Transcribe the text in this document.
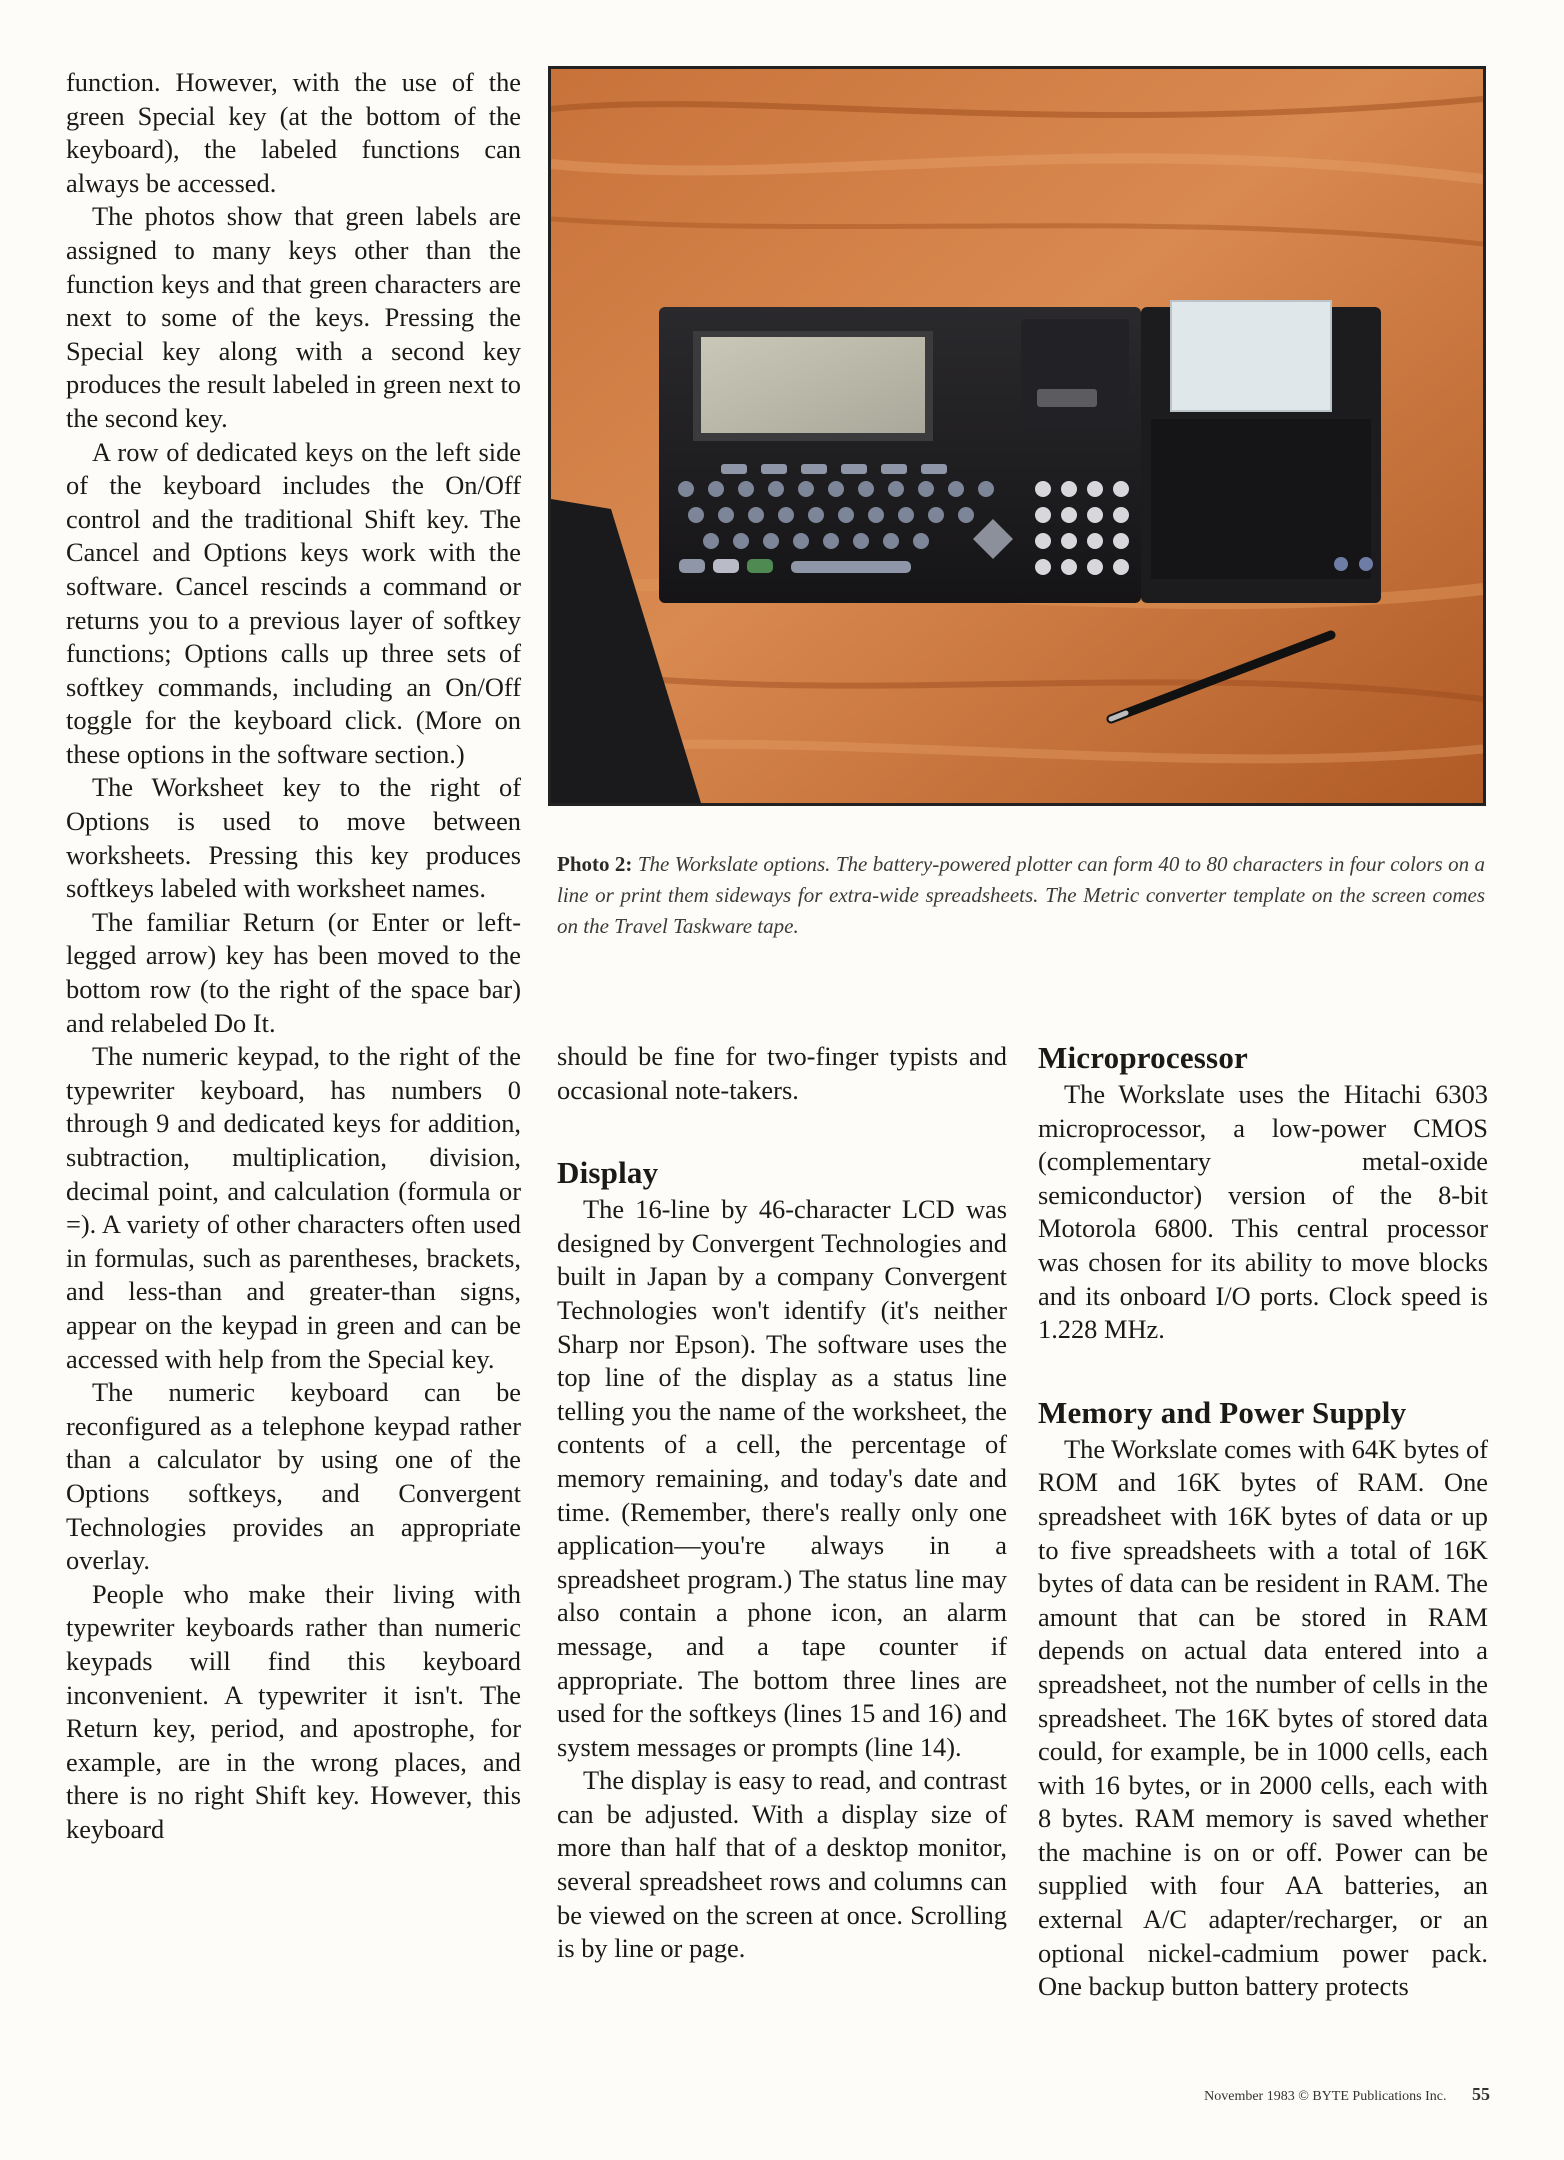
function. However, with the use of the green Special key (at the bottom of the keyboard), the labeled functions can always be accessed.

The photos show that green labels are assigned to many keys other than the function keys and that green characters are next to some of the keys. Pressing the Special key along with a second key produces the result labeled in green next to the second key.

A row of dedicated keys on the left side of the keyboard includes the On/Off control and the traditional Shift key. The Cancel and Options keys work with the software. Cancel rescinds a command or returns you to a previous layer of softkey functions; Options calls up three sets of softkey commands, including an On/Off toggle for the keyboard click. (More on these options in the software section.)

The Worksheet key to the right of Options is used to move between worksheets. Pressing this key produces softkeys labeled with worksheet names.

The familiar Return (or Enter or left-legged arrow) key has been moved to the bottom row (to the right of the space bar) and relabeled Do It.

The numeric keypad, to the right of the typewriter keyboard, has numbers 0 through 9 and dedicated keys for addition, subtraction, multiplication, division, decimal point, and calculation (formula or =). A variety of other characters often used in formulas, such as parentheses, brackets, and less-than and greater-than signs, appear on the keypad in green and can be accessed with help from the Special key.

The numeric keyboard can be reconfigured as a telephone keypad rather than a calculator by using one of the Options softkeys, and Convergent Technologies provides an appropriate overlay.

People who make their living with typewriter keyboards rather than numeric keypads will find this keyboard inconvenient. A typewriter it isn't. The Return key, period, and apostrophe, for example, are in the wrong places, and there is no right Shift key. However, this keyboard

Photo 2: The Workslate options. The battery-powered plotter can form 40 to 80 characters in four colors on a line or print them sideways for extra-wide spreadsheets. The Metric converter template on the screen comes on the Travel Taskware tape.

should be fine for two-finger typists and occasional note-takers.

Display

The 16-line by 46-character LCD was designed by Convergent Technologies and built in Japan by a company Convergent Technologies won't identify (it's neither Sharp nor Epson). The software uses the top line of the display as a status line telling you the name of the worksheet, the contents of a cell, the percentage of memory remaining, and today's date and time. (Remember, there's really only one application—you're always in a spreadsheet program.) The status line may also contain a phone icon, an alarm message, and a tape counter if appropriate. The bottom three lines are used for the softkeys (lines 15 and 16) and system messages or prompts (line 14).

The display is easy to read, and contrast can be adjusted. With a display size of more than half that of a desktop monitor, several spreadsheet rows and columns can be viewed on the screen at once. Scrolling is by line or page.

Microprocessor

The Workslate uses the Hitachi 6303 microprocessor, a low-power CMOS (complementary metal-oxide semiconductor) version of the 8-bit Motorola 6800. This central processor was chosen for its ability to move blocks and its onboard I/O ports. Clock speed is 1.228 MHz.

Memory and Power Supply

The Workslate comes with 64K bytes of ROM and 16K bytes of RAM. One spreadsheet with 16K bytes of data or up to five spreadsheets with a total of 16K bytes of data can be resident in RAM. The amount that can be stored in RAM depends on actual data entered into a spreadsheet, not the number of cells in the spreadsheet. The 16K bytes of stored data could, for example, be in 1000 cells, each with 16 bytes, or in 2000 cells, each with 8 bytes. RAM memory is saved whether the machine is on or off. Power can be supplied with four AA batteries, an external A/C adapter/recharger, or an optional nickel-cadmium power pack. One backup button battery protects

November 1983 © BYTE Publications Inc. 55
